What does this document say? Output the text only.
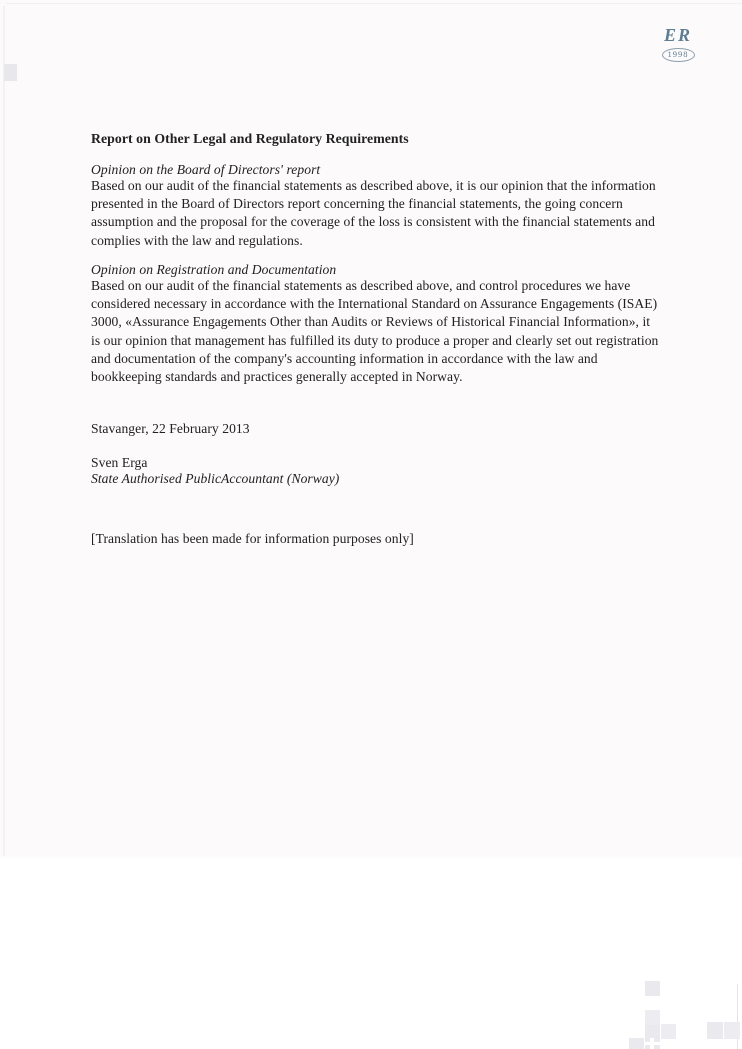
ER
1998
Report on Other Legal and Regulatory Requirements
Opinion on the Board of Directors' report
Based on our audit of the financial statements as described above, it is our opinion that the information
presented in the Board of Directors report concerning the financial statements, the going concern
assumption and the proposal for the coverage of the loss is consistent with the financial statements and
complies with the law and regulations.
Opinion on Registration and Documentation
Based on our audit of the financial statements as described above, and control procedures we have
considered necessary in accordance with the International Standard on Assurance Engagements (ISAE)
3000, «Assurance Engagements Other than Audits or Reviews of Historical Financial Information», it
is our opinion that management has fulfilled its duty to produce a proper and clearly set out registration
and documentation of the company's accounting information in accordance with the law and
bookkeeping standards and practices generally accepted in Norway.
Stavanger, 22 February 2013
Sven Erga
State Authorised PublicAccountant (Norway)
[Translation has been made for information purposes only]
